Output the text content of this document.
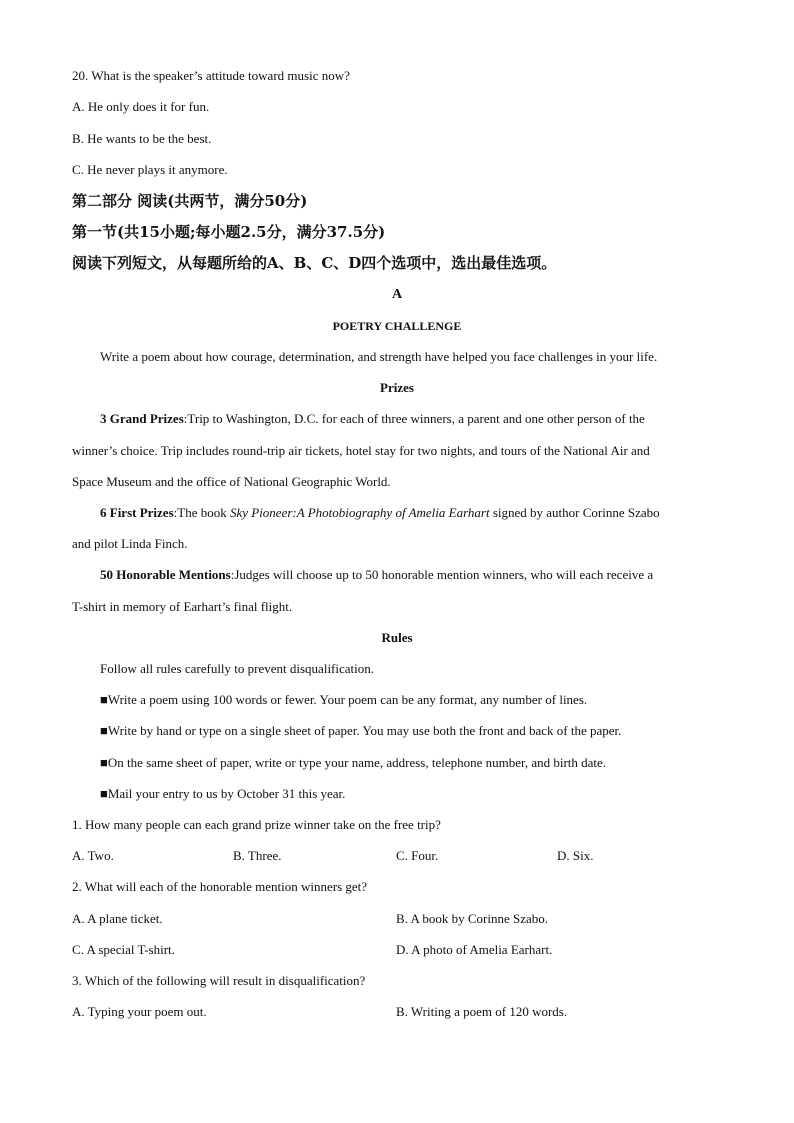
20. What is the speaker’s attitude toward music now?
A. He only does it for fun.
B. He wants to be the best.
C. He never plays it anymore.
第二部分 阅读(共两节，满分50分)
第一节(共15小题;每小题2.5分，满分37.5分)
阅读下列短文，从每题所给的A、B、C、D四个选项中，选出最佳选项。
A
POETRY CHALLENGE
Write a poem about how courage, determination, and strength have helped you face challenges in your life.
Prizes
3 Grand Prizes:Trip to Washington, D.C. for each of three winners, a parent and one other person of the
winner’s choice. Trip includes round-trip air tickets, hotel stay for two nights, and tours of the National Air and
Space Museum and the office of National Geographic World.
6 First Prizes:The book Sky Pioneer:A Photobiography of Amelia Earhart signed by author Corinne Szabo
and pilot Linda Finch.
50 Honorable Mentions:Judges will choose up to 50 honorable mention winners, who will each receive a
T-shirt in memory of Earhart’s final flight.
Rules
Follow all rules carefully to prevent disqualification.
■Write a poem using 100 words or fewer. Your poem can be any format, any number of lines.
■Write by hand or type on a single sheet of paper. You may use both the front and back of the paper.
■On the same sheet of paper, write or type your name, address, telephone number, and birth date.
■Mail your entry to us by October 31 this year.
1. How many people can each grand prize winner take on the free trip?
A. Two.	B. Three.	C. Four.	D. Six.
2. What will each of the honorable mention winners get?
A. A plane ticket.	B. A book by Corinne Szabo.
C. A special T-shirt.	D. A photo of Amelia Earhart.
3. Which of the following will result in disqualification?
A. Typing your poem out.	B. Writing a poem of 120 words.
